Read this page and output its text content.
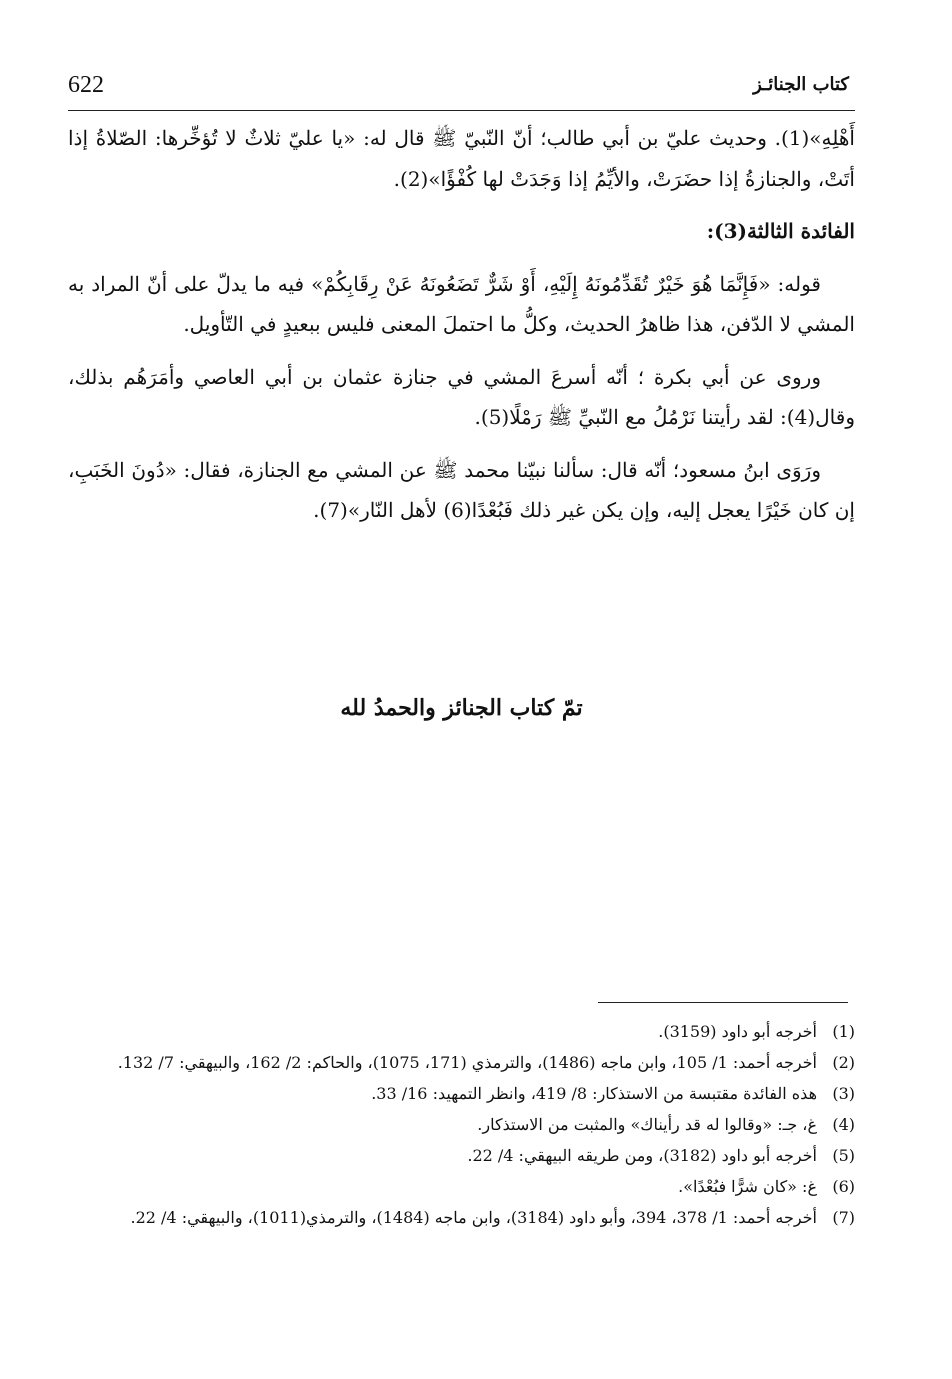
622	كتاب الجنائـز

أَهْلِهِ»(1). وحديث عليّ بن أبي طالب؛ أنّ النّبيّ ﷺ قال له: «يا عليّ ثلاثٌ لا تُؤخِّرها: الصّلاةُ إذا أتَتْ، والجنازةُ إذا حضَرَتْ، والأيِّمُ إذا وَجَدَتْ لها كُفْؤًا»(2).

الفائدة الثالثة(3):

قوله: «فَإِنَّمَا هُوَ خَيْرٌ تُقَدِّمُونَهُ إِلَيْهِ، أَوْ شَرٌّ تَضَعُونَهُ عَنْ رِقَابِكُمْ» فيه ما يدلّ على أنّ المراد به المشي لا الدّفن، هذا ظاهرُ الحديث، وكلُّ ما احتملَ المعنى فليس ببعيدٍ في التّأويل.

وروى عن أبي بكرة ؛ أنّه أسرعَ المشي في جنازة عثمان بن أبي العاصي وأمَرَهُم بذلك، وقال(4): لقد رأيتنا نَرْمُلُ مع النّبيِّ ﷺ رَمْلًا(5).

ورَوَى ابنُ مسعود؛ أنّه قال: سألنا نبيّنا محمد ﷺ عن المشي مع الجنازة، فقال: «دُونَ الخَبَبِ، إن كان خَيْرًا يعجل إليه، وإن يكن غير ذلك فَبُعْدًا(6) لأهل النّار»(7).

تمّ كتاب الجنائز والحمدُ لله
(1)
أخرجه أبو داود (3159).
(2)
أخرجه أحمد: 1/ 105، وابن ماجه (1486)، والترمذي (171، 1075)، والحاكم: 2/ 162، والبيهقي: 7/ 132.
(3)
هذه الفائدة مقتبسة من الاستذكار: 8/ 419، وانظر التمهيد: 16/ 33.
(4)
غ، جـ: «وقالوا له قد رأيناك» والمثبت من الاستذكار.
(5)
أخرجه أبو داود (3182)، ومن طريقه البيهقي: 4/ 22.
(6)
غ: «كان شرًّا فبُعْدًا».
(7)
أخرجه أحمد: 1/ 378، 394، وأبو داود (3184)، وابن ماجه (1484)، والترمذي(1011)، والبيهقي: 4/ 22.
